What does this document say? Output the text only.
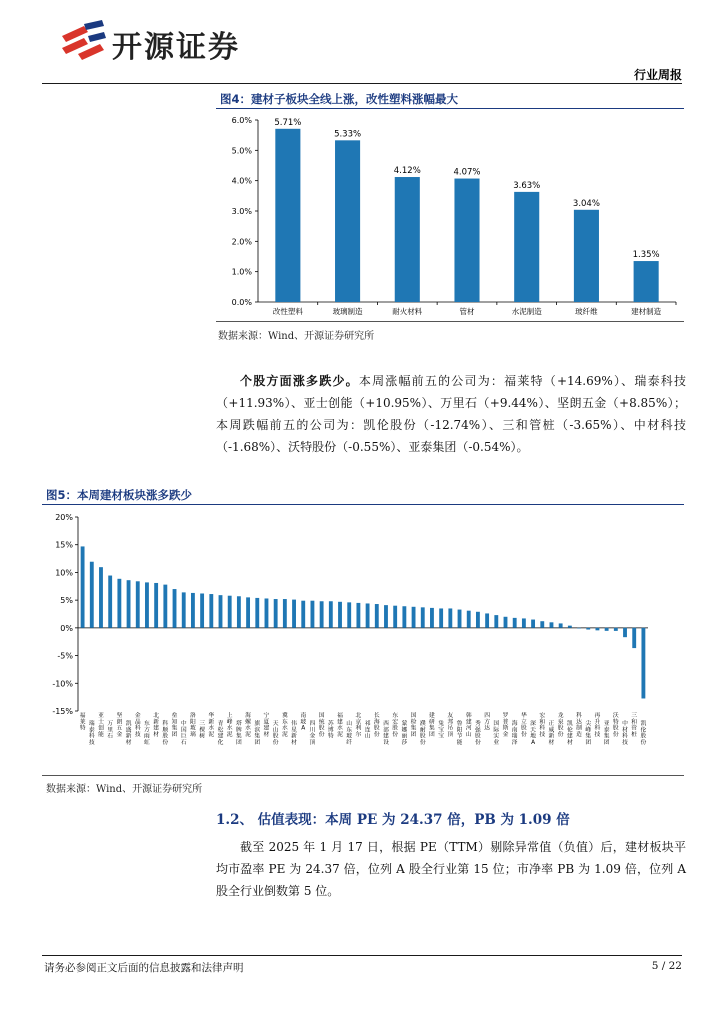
开源证券
行业周报
图4：建材子板块全线上涨，改性塑料涨幅最大
0.0%
1.0%
2.0%
3.0%
4.0%
5.0%
6.0%	5.71%
改性塑料
5.33%
玻璃制造
4.12%
耐火材料
4.07%
管材
3.63%
水泥制造
3.04%
玻纤维
1.35%
建材制造
数据来源：Wind、开源证券研究所
个股方面涨多跌少。本周涨幅前五的公司为：福莱特（+14.69%）、瑞泰科技（+11.93%）、亚士创能（+10.95%）、万里石（+9.44%）、坚朗五金（+8.85%）；本周跌幅前五的公司为：凯伦股份（-12.74%）、三和管桩（-3.65%）、中材科技（-1.68%）、沃特股份（-0.55%）、亚泰集团（-0.54%）。
图5：本周建材板块涨多跌少
-15%
-10%
-5%
0%
5%
10%
15%
20%
福莱特
瑞泰科技
亚士创能
万里石
坚朗五金
凯盛新材
金晶科技
东方雨虹
北新建材
科顺股份
垒知集团
中国巨石
洛阳玻璃
三棵树
华新水泥
青松建化
上峰水泥
塔牌集团
海螺水泥
旗滨集团
宁夏建材
天山股份
冀东水泥
伟星新材
南玻 A
四川金顶
国统股份
苏博特
福建水泥
山东玻纤
北京利尔
祁连山
长海股份
西部建设
东宏股份
蒙娜丽莎
国检集团
濮耐股份
建研集团
兔宝宝
友邦吊顶
鲁阳节能
韩建河山
秀强股份
四方达
国际实业
罗普斯金
海南瑞泽
华立股份
深天地 A
宏和科技
正威新材
龙泉股份
凯伦建材
科达制造
尖峰集团
再升科技
亚泰集团
沃特股份
中材科技
三和管桩
凯伦股份
数据来源：Wind、开源证券研究所
1.2、 估值表现：本周 PE 为 24.37 倍，PB 为 1.09 倍
截至 2025 年 1 月 17 日，根据 PE（TTM）剔除异常值（负值）后，建材板块平均市盈率 PE 为 24.37 倍，位列 A 股全行业第 15 位；市净率 PB 为 1.09 倍，位列 A 股全行业倒数第 5 位。
请务必参阅正文后面的信息披露和法律声明	5 / 22
